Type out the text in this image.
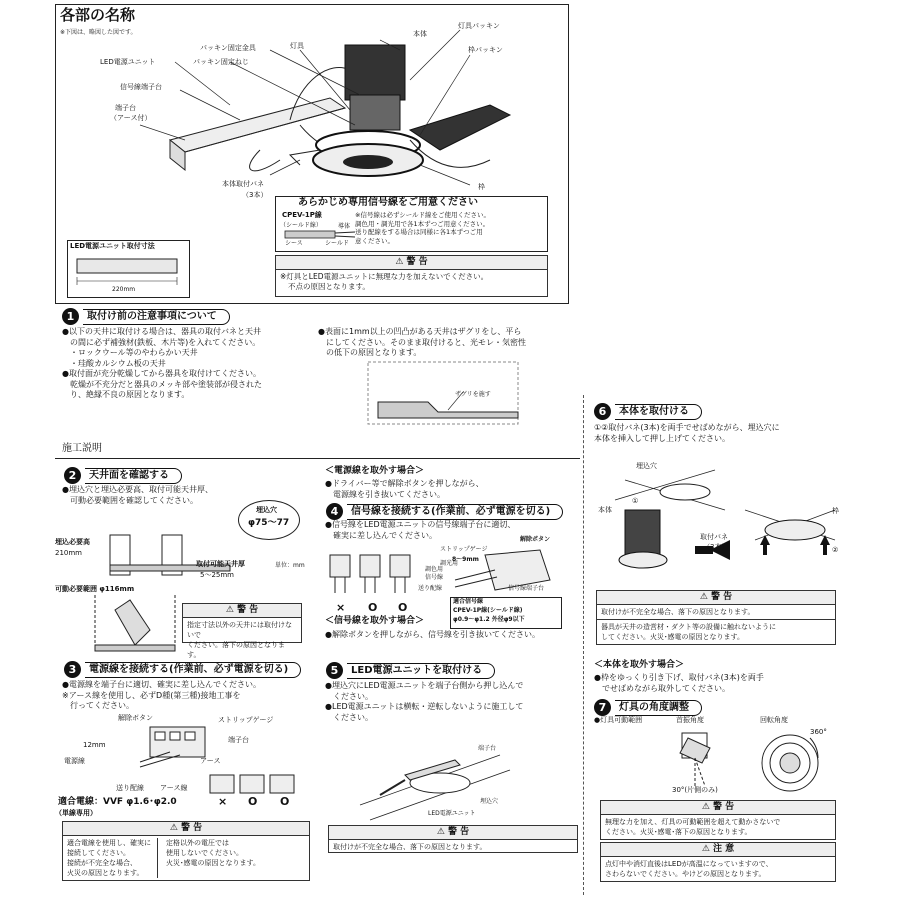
各部の名称
※下図は、略図した図です。	本体
灯具パッキン
枠パッキン
パッキン固定金具	灯具
LED電源ユニット	パッキン固定ねじ
信号線端子台
端子台
（アース付）
本体取付バネ
（3本）
枠
あらかじめ専用信号線をご用意ください
CPEV-1P線
（シールド線）	導体
シース	シールド
※信号線は必ずシールド線をご使用ください。
調色用・調光用で各1本ずつご用意ください。
送り配線をする場合は同様に各1本ずつご用
意ください。
⚠ 警 告
※灯具とLED電源ユニットに無理な力を加えないでください。
不点の原因となります。
LED電源ユニット取付寸法
220mm
1	取付け前の注意事項について
●以下の天井に取付ける場合は、器具の取付バネと天井
　の間に必ず補強材(鉄板、木片等)を入れてください。
　・ロックウール等のやわらかい天井
　・珪酸カルシウム板の天井
●取付面が充分乾燥してから器具を取付けてください。
　乾燥が不充分だと器具のメッキ部や塗装部が侵された
　り、絶縁不良の原因となります。
●表面に1mm以上の凹凸がある天井はザグリをし、平ら
　にしてください。そのまま取付けると、光モレ・気密性
　の低下の原因となります。
ザグリを施す
施工説明
2	天井面を確認する
●埋込穴と埋込必要高、取付可能天井厚、
　可動必要範囲を確認してください。
埋込穴
φ75〜77
埋込必要高
210mm
取付可能天井厚
5〜25mm
単位：mm
可動必要範囲 φ116mm
⚠ 警 告
指定寸法以外の天井には取付けないで
ください。落下の原因となります。
3	電源線を接続する(作業前、必ず電源を切る)
●電源線を端子台に適切、確実に差し込んでください。
※アース線を使用し、必ずD種(第三種)接地工事を
　行ってください。
解除ボタン	ストリップゲージ
端子台
12mm
電源線	アース
送り配線 アース線
× O O
適合電線：VVF φ1.6･φ2.0
（単線専用）
⚠ 警 告
適合電線を使用し、確実に
接続してください。
接続が不完全な場合、
火災の原因となります。
定格以外の電圧では
使用しないでください。
火災･感電の原因となります。
＜電源線を取外す場合＞
●ドライバー等で解除ボタンを押しながら、
　電源線を引き抜いてください。
4	信号線を接続する(作業前、必ず電源を切る)
●信号線をLED電源ユニットの信号線端子台に適切、
　確実に差し込んでください。	解除ボタン
ストリップゲージ
8〜9mm
調色用
信号線
調光用
送り配線	信号線端子台
× O O	適合信号線
CPEV-1P線(シールド線)
φ0.9〜φ1.2 外径φ9以下
＜信号線を取外す場合＞
●解除ボタンを押しながら、信号線を引き抜いてください。
5	LED電源ユニットを取付ける
●埋込穴にLED電源ユニットを端子台側から押し込んで
　ください。
●LED電源ユニットは横転・逆転しないように施工して
　ください。
端子台
埋込穴
LED電源ユニット
⚠ 警 告
取付けが不完全な場合、落下の原因となります。
6	本体を取付ける
①②取付バネ(3本)を両手でせばめながら、埋込穴に
本体を挿入して押し上げてください。
埋込穴
本体
①
取付バネ
（3本）
枠
②
⚠ 警 告
取付けが不完全な場合、落下の原因となります。
器具が天井の造営材・ダクト等の設備に触れないように
してください。火災･感電の原因となります。
＜本体を取外す場合＞
●枠をゆっくり引き下げ、取付バネ(3本)を両手
　でせばめながら取外してください。
7	灯具の角度調整
●灯具可動範囲	首振角度	回転角度
360°
30°(片側のみ)
⚠ 警 告
無理な力を加え、灯具の可動範囲を超えて動かさないで
ください。火災･感電･落下の原因となります。
⚠ 注 意
点灯中や消灯直後はLEDが高温になっていますので、
さわらないでください。やけどの原因となります。
